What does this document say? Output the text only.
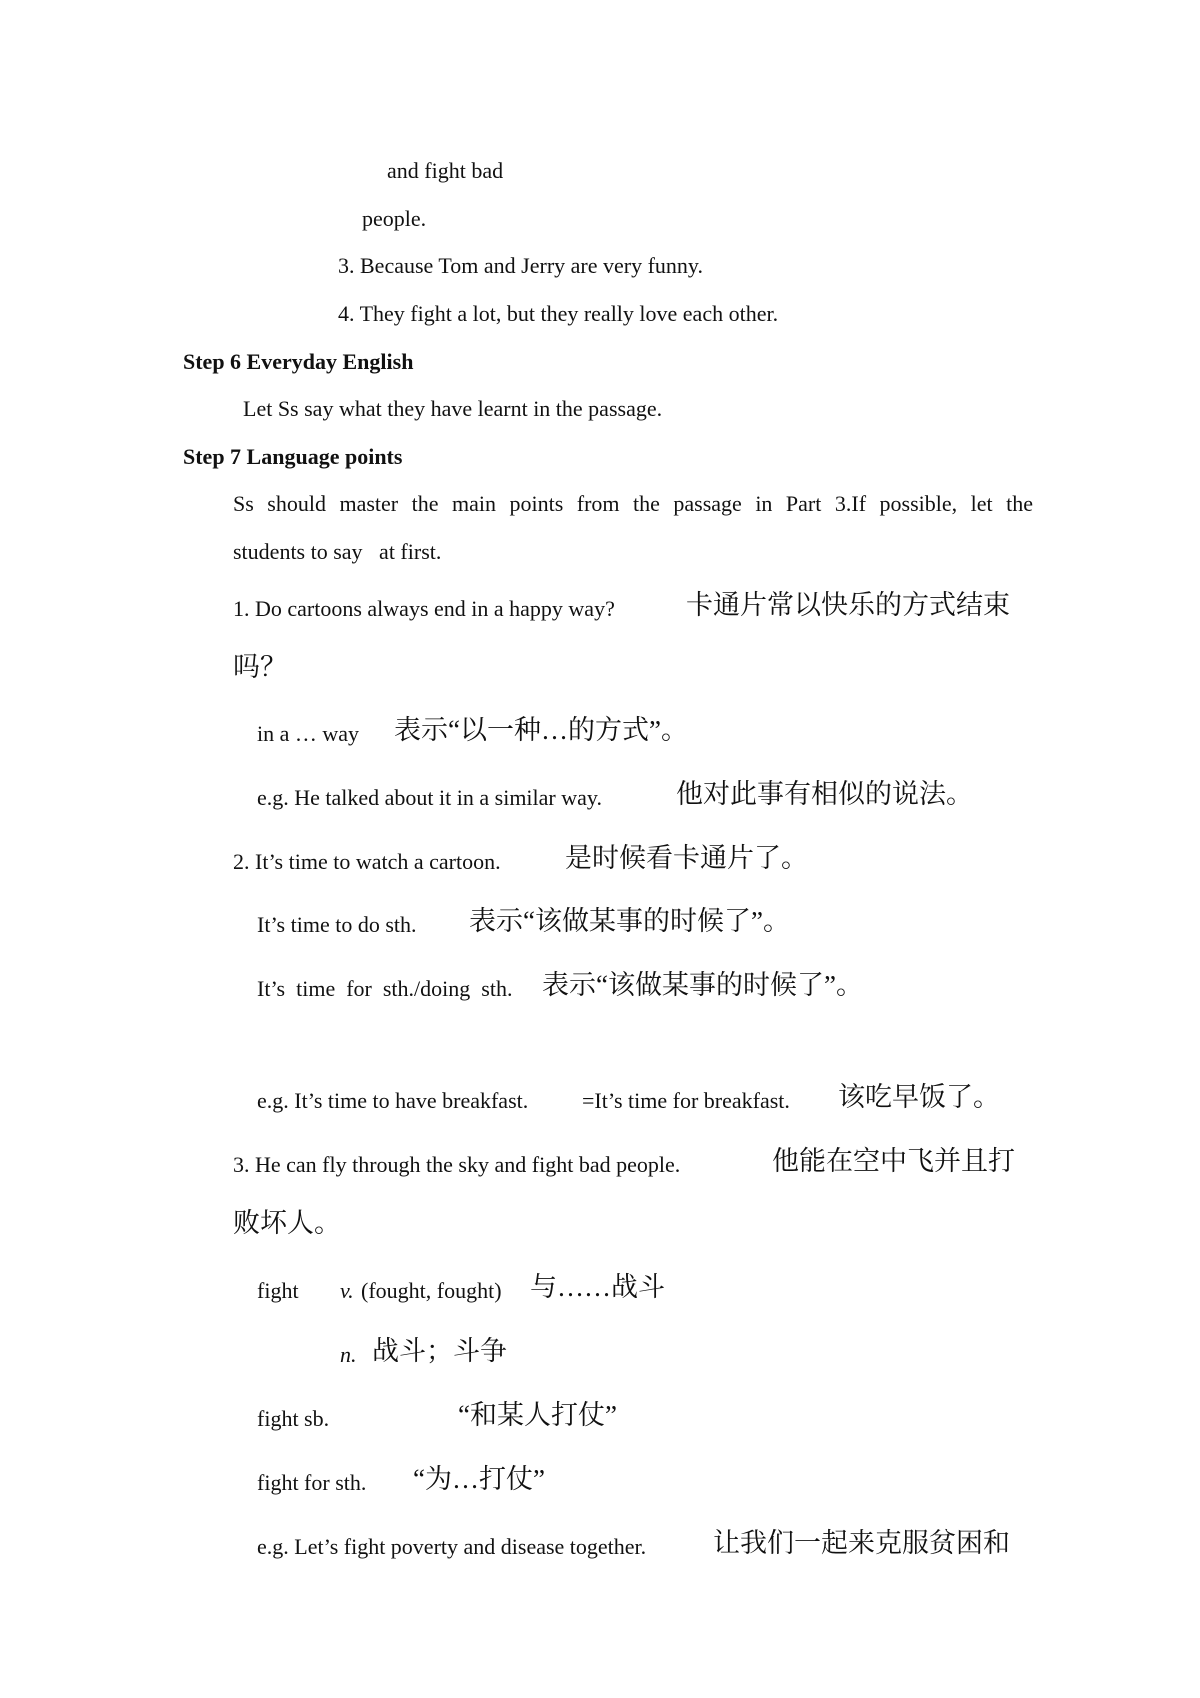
and fight bad
people.
3. Because Tom and Jerry are very funny.
4. They fight a lot, but they really love each other.
Step 6 Everyday English
Let Ss say what they have learnt in the passage.
Step 7 Language points
Ss should master the main points from the passage in Part 3.If possible, let the
students to say   at first.
1. Do cartoons always end in a happy way?	卡通片常以快乐的方式结束
吗？
in a … way 表示“以一种…的方式”。
e.g. He talked about it in a similar way.	他对此事有相似的说法。
2. It’s time to watch a cartoon. 是时候看卡通片了。
It’s time to do sth. 表示“该做某事的时候了”。
It’s  time  for  sth./doing  sth. 表示“该做某事的时候了”。
e.g. It’s time to have breakfast. =It’s time for breakfast. 该吃早饭了。
3. He can fly through the sky and fight bad people.	他能在空中飞并且打
败坏人。
fight v. (fought, fought) 与……战斗
n. 战斗；斗争
fight sb.	“和某人打仗”
fight for sth. “为…打仗”
e.g. Let’s fight poverty and disease together. 让我们一起来克服贫困和
